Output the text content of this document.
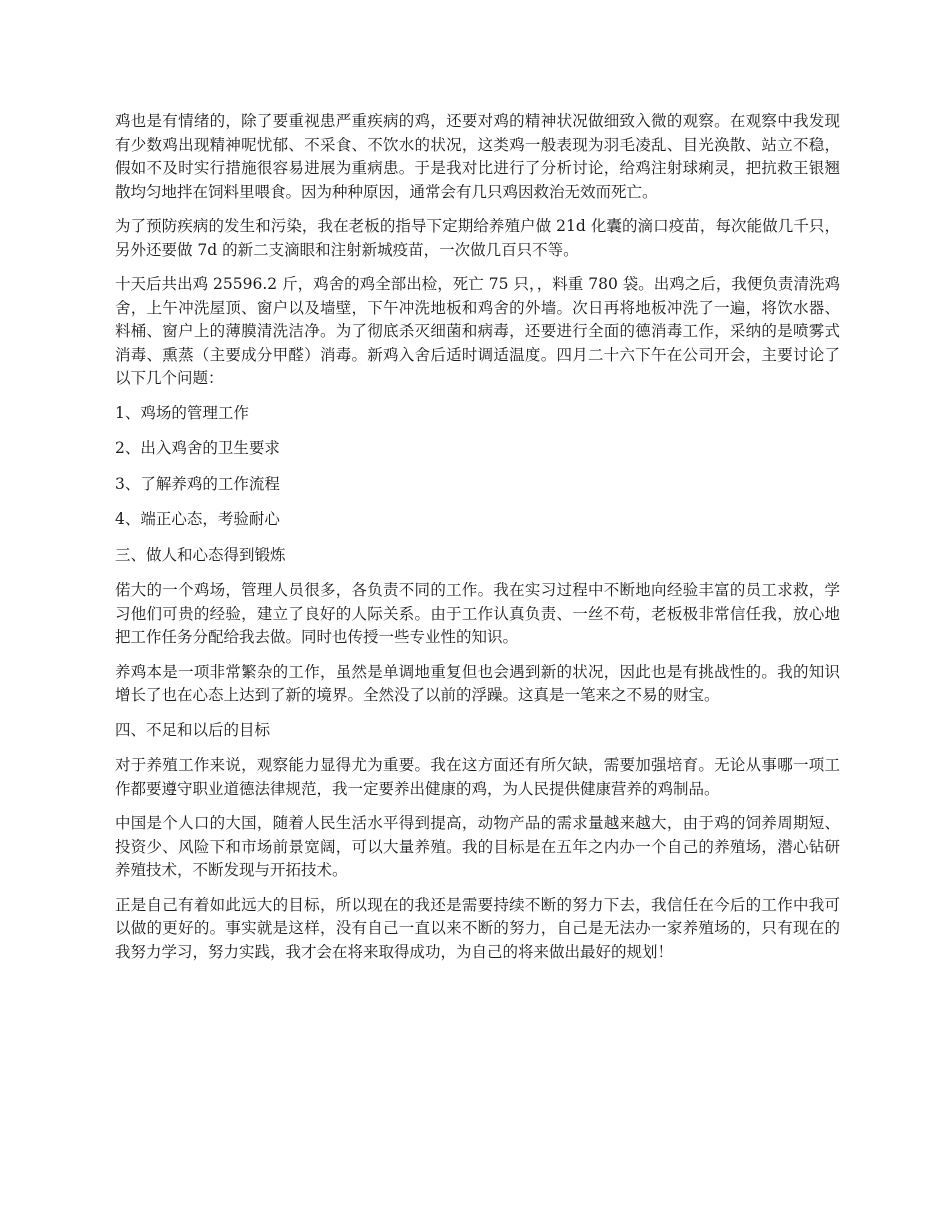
鸡也是有情绪的，除了要重视患严重疾病的鸡，还要对鸡的精神状况做细致入微的观察。在观察中我发现有少数鸡出现精神呢忧郁、不采食、不饮水的状况，这类鸡一般表现为羽毛凌乱、目光涣散、站立不稳，假如不及时实行措施很容易进展为重病患。于是我对比进行了分析讨论，给鸡注射球痢灵，把抗救王银翘散均匀地拌在饲料里喂食。因为种种原因，通常会有几只鸡因救治无效而死亡。

为了预防疾病的发生和污染，我在老板的指导下定期给养殖户做 21d 化囊的滴口疫苗，每次能做几千只，另外还要做 7d 的新二支滴眼和注射新城疫苗，一次做几百只不等。

十天后共出鸡 25596.2 斤，鸡舍的鸡全部出检，死亡 75 只，，料重 780 袋。出鸡之后，我便负责清洗鸡舍，上午冲洗屋顶、窗户以及墙壁，下午冲洗地板和鸡舍的外墙。次日再将地板冲洗了一遍，将饮水器、料桶、窗户上的薄膜清洗洁净。为了彻底杀灭细菌和病毒，还要进行全面的德消毒工作，采纳的是喷雾式消毒、熏蒸（主要成分甲醛）消毒。新鸡入舍后适时调适温度。四月二十六下午在公司开会，主要讨论了以下几个问题：

1、鸡场的管理工作

2、出入鸡舍的卫生要求

3、了解养鸡的工作流程

4、端正心态，考验耐心

三、做人和心态得到锻炼

偌大的一个鸡场，管理人员很多，各负责不同的工作。我在实习过程中不断地向经验丰富的员工求救，学习他们可贵的经验，建立了良好的人际关系。由于工作认真负责、一丝不苟，老板极非常信任我，放心地把工作任务分配给我去做。同时也传授一些专业性的知识。

养鸡本是一项非常繁杂的工作，虽然是单调地重复但也会遇到新的状况，因此也是有挑战性的。我的知识增长了也在心态上达到了新的境界。全然没了以前的浮躁。这真是一笔来之不易的财宝。

四、不足和以后的目标

对于养殖工作来说，观察能力显得尤为重要。我在这方面还有所欠缺，需要加强培育。无论从事哪一项工作都要遵守职业道德法律规范，我一定要养出健康的鸡，为人民提供健康营养的鸡制品。

中国是个人口的大国，随着人民生活水平得到提高，动物产品的需求量越来越大，由于鸡的饲养周期短、投资少、风险下和市场前景宽阔，可以大量养殖。我的目标是在五年之内办一个自己的养殖场，潜心钻研养殖技术，不断发现与开拓技术。

正是自己有着如此远大的目标，所以现在的我还是需要持续不断的努力下去，我信任在今后的工作中我可以做的更好的。事实就是这样，没有自己一直以来不断的努力，自己是无法办一家养殖场的，只有现在的我努力学习，努力实践，我才会在将来取得成功，为自己的将来做出最好的规划！
